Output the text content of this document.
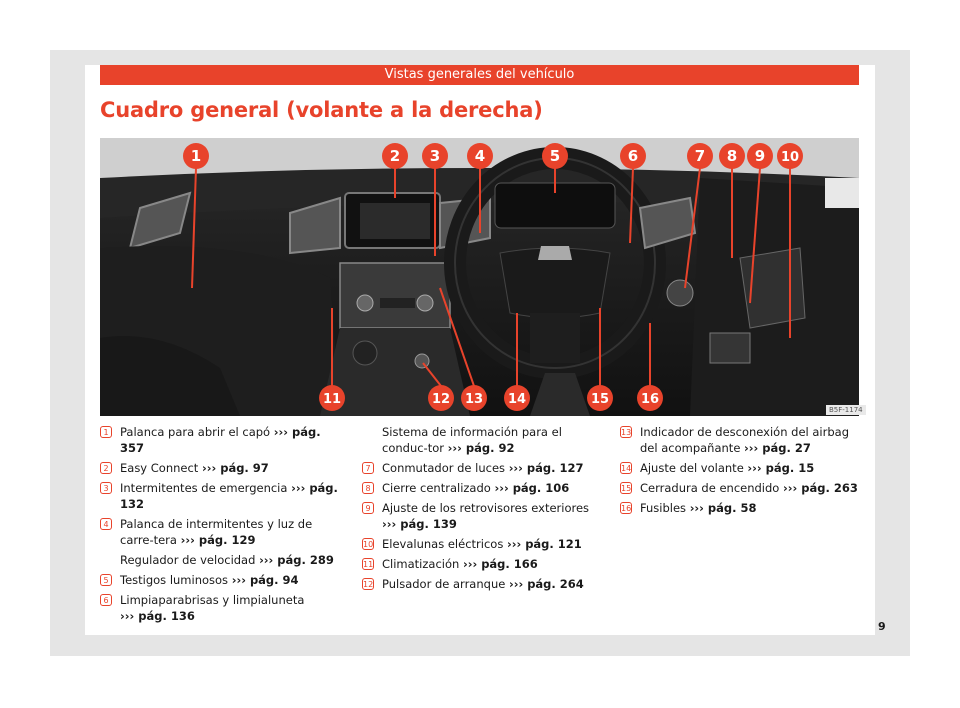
Vistas generales del vehículo
Cuadro general (volante a la derecha)
1	2 3 4	5	6	7 8 9 10
11	12 13 14	15 16
B5F-1174
1 Palanca para abrir el capó ››› pág. 357
2 Easy Connect ››› pág. 97
3 Intermitentes de emergencia ››› pág. 132
4 Palanca de intermitentes y luz de carre-tera ››› pág. 129
Regulador de velocidad ››› pág. 289
5 Testigos luminosos ››› pág. 94
6 Limpiaparabrisas y limpialuneta
››› pág. 136
Sistema de información para el conduc-tor ››› pág. 92
7 Conmutador de luces ››› pág. 127
8 Cierre centralizado ››› pág. 106
9 Ajuste de los retrovisores exteriores
››› pág. 139
10 Elevalunas eléctricos ››› pág. 121
11 Climatización ››› pág. 166
12 Pulsador de arranque ››› pág. 264
13 Indicador de desconexión del airbag del acompañante ››› pág. 27
14 Ajuste del volante ››› pág. 15
15 Cerradura de encendido ››› pág. 263
16 Fusibles ››› pág. 58
9
